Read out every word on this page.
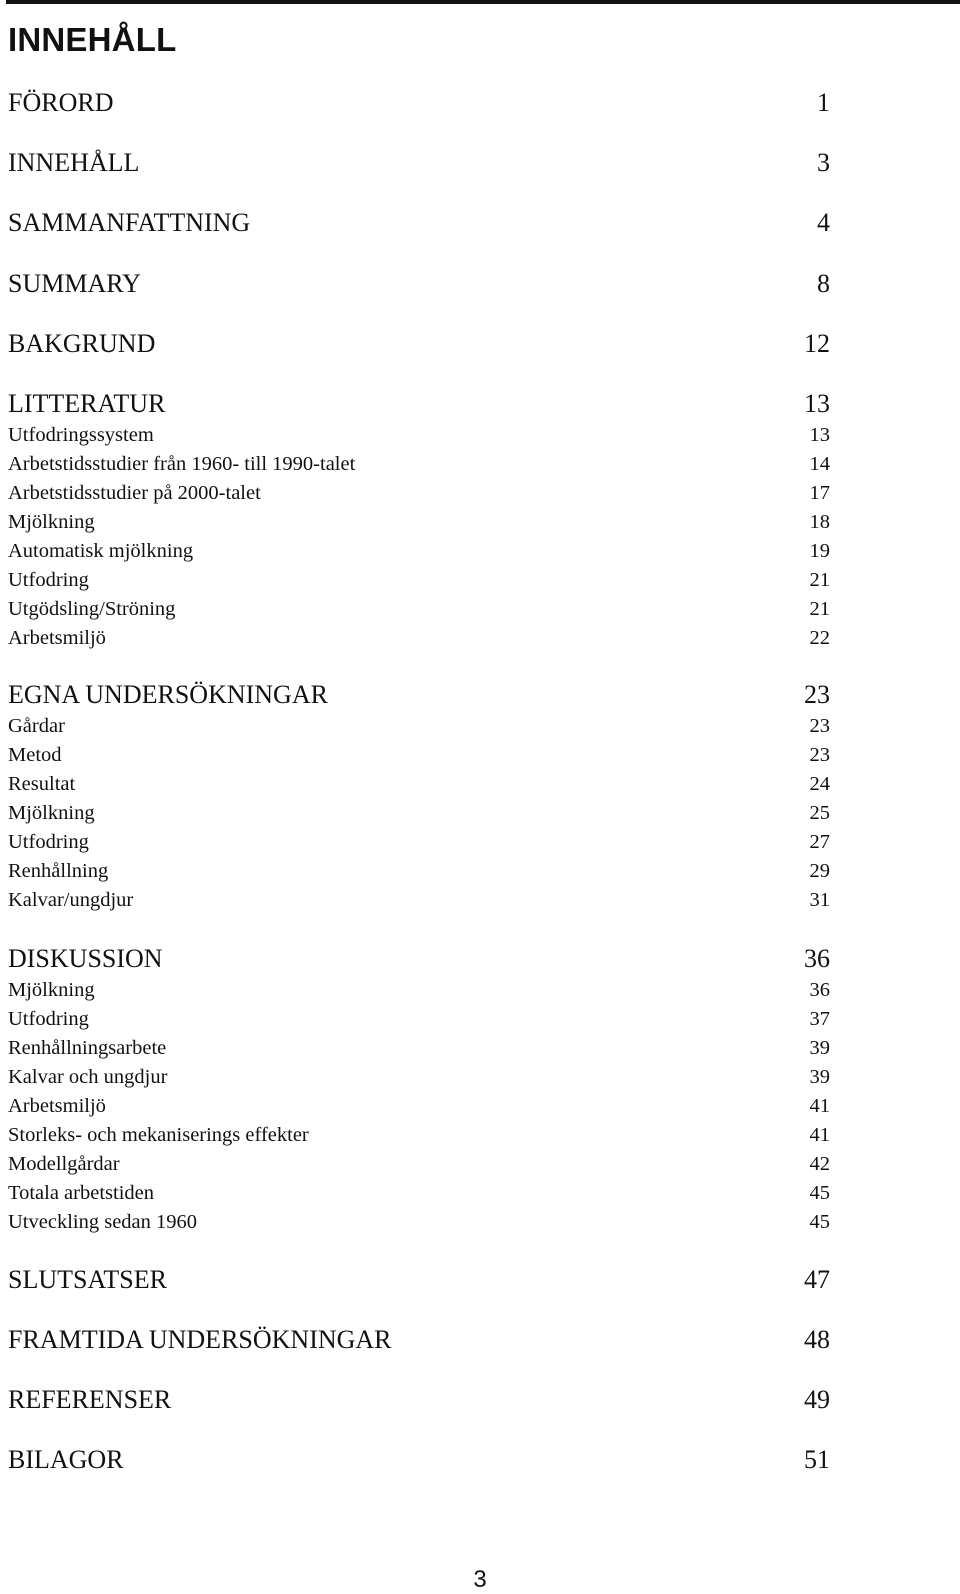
INNEHÅLL
FÖRORD	1
INNEHÅLL	3
SAMMANFATTNING	4
SUMMARY	8
BAKGRUND	12
LITTERATUR	13
Utfodringssystem	13
Arbetstidsstudier från 1960- till 1990-talet	14
Arbetstidsstudier på 2000-talet	17
Mjölkning	18
Automatisk mjölkning	19
Utfodring	21
Utgödsling/Ströning	21
Arbetsmiljö	22
EGNA UNDERSÖKNINGAR	23
Gårdar	23
Metod	23
Resultat	24
Mjölkning	25
Utfodring	27
Renhållning	29
Kalvar/ungdjur	31
DISKUSSION	36
Mjölkning	36
Utfodring	37
Renhållningsarbete	39
Kalvar och ungdjur	39
Arbetsmiljö	41
Storleks- och mekaniserings effekter	41
Modellgårdar	42
Totala arbetstiden	45
Utveckling sedan 1960	45
SLUTSATSER	47
FRAMTIDA UNDERSÖKNINGAR	48
REFERENSER	49
BILAGOR	51
3
